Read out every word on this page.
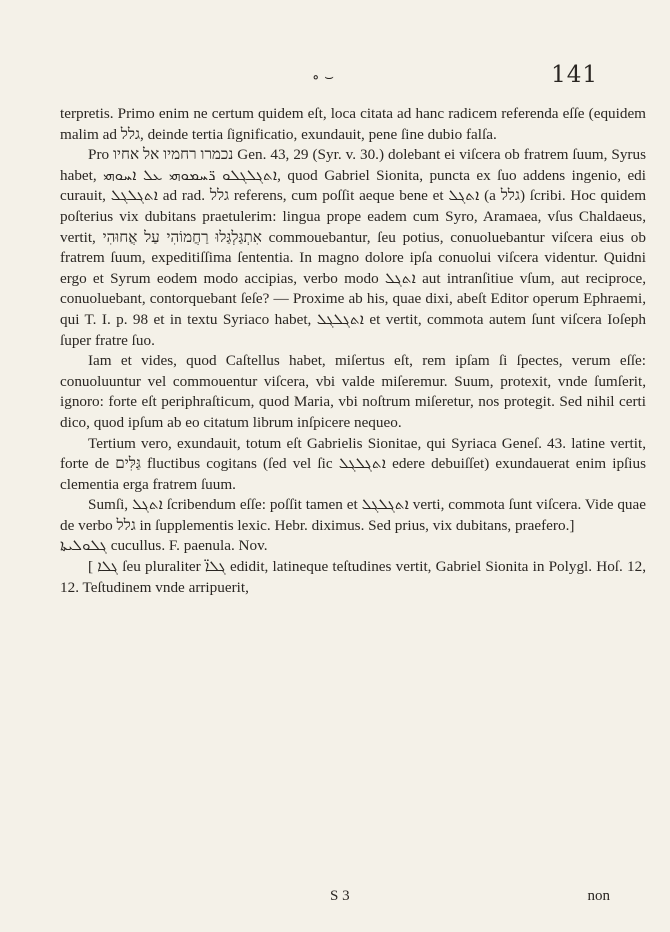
∘ ⌣	141

terpretis. Primo enim ne certum quidem eſt, loca citata ad hanc radicem referenda eſſe (equidem malim ad גלל, deinde tertia ſignificatio, exundauit, pene ſine dubio falſa.

Pro נכמרו רחמיו אל אחיו Gen. 43, 29 (Syr. v. 30.) dolebant ei viſcera ob fratrem ſuum, Syrus habet, ܐܬܓܠܓܠܘ ܪ̈ܚܡܘܗܝ ܥܠ ܐܚܘܗܝ, quod Gabriel Sionita, puncta ex ſuo addens ingenio, edi curauit, ܐܬܓܠܓܠ ad rad. גלל referens, cum poſſit aeque bene et ܐܬܓܠ (a גלל) ſcribi. Hoc quidem poſterius vix dubitans praetulerim: lingua prope eadem cum Syro, Aramaea, vſus Chaldaeus, vertit, אִתְגַּלְגַּלוּ רַחֲמוֹהִי עַל אֲחוּהִי commouebantur, ſeu potius, conuoluebantur viſcera eius ob fratrem ſuum, expeditiſſima ſententia. In magno dolore ipſa conuolui viſcera videntur. Quidni ergo et Syrum eodem modo accipias, verbo modo ܐܬܓܠ aut intranſitiue vſum, aut reciproce, conuoluebant, contorquebant ſeſe? — Proxime ab his, quae dixi, abeſt Editor operum Ephraemi, qui T. I. p. 98 et in textu Syriaco habet, ܐܬܓܠܓܠ et vertit, commota autem ſunt viſcera Ioſeph ſuper fratre ſuo.

Iam et vides, quod Caſtellus habet, miſertus eſt, rem ipſam ſi ſpectes, verum eſſe: conuoluuntur vel commouentur viſcera, vbi valde miſeremur. Suum, protexit, vnde ſumſerit, ignoro: forte eſt periphraſticum, quod Maria, vbi noſtrum miſeretur, nos protegit. Sed nihil certi dico, quod ipſum ab eo citatum librum inſpicere nequeo.

Tertium vero, exundauit, totum eſt Gabrielis Sionitae, qui Syriaca Geneſ. 43. latine vertit, forte de גַּלִּים fluctibus cogitans (ſed vel ſic ܐܬܓܠܓܠ edere debuiſſet) exundauerat enim ipſius clementia erga fratrem ſuum.

Sumſi, ܐܬܓܠ ſcribendum eſſe: poſſit tamen et ܐܬܓܠܓܠ verti, commota ſunt viſcera. Vide quae de verbo גלל in ſupplementis lexic. Hebr. diximus. Sed prius, vix dubitans, praefero.]

ܓܠܘܠܝܬܐ cucullus. F. paenula. Nov.

[ ܓܠܐ ſeu pluraliter ܓܠܐ̈ edidit, latineque teſtudines vertit, Gabriel Sionita in Polygl. Hoſ. 12, 12. Teſtudinem vnde arripuerit,

S 3	non
